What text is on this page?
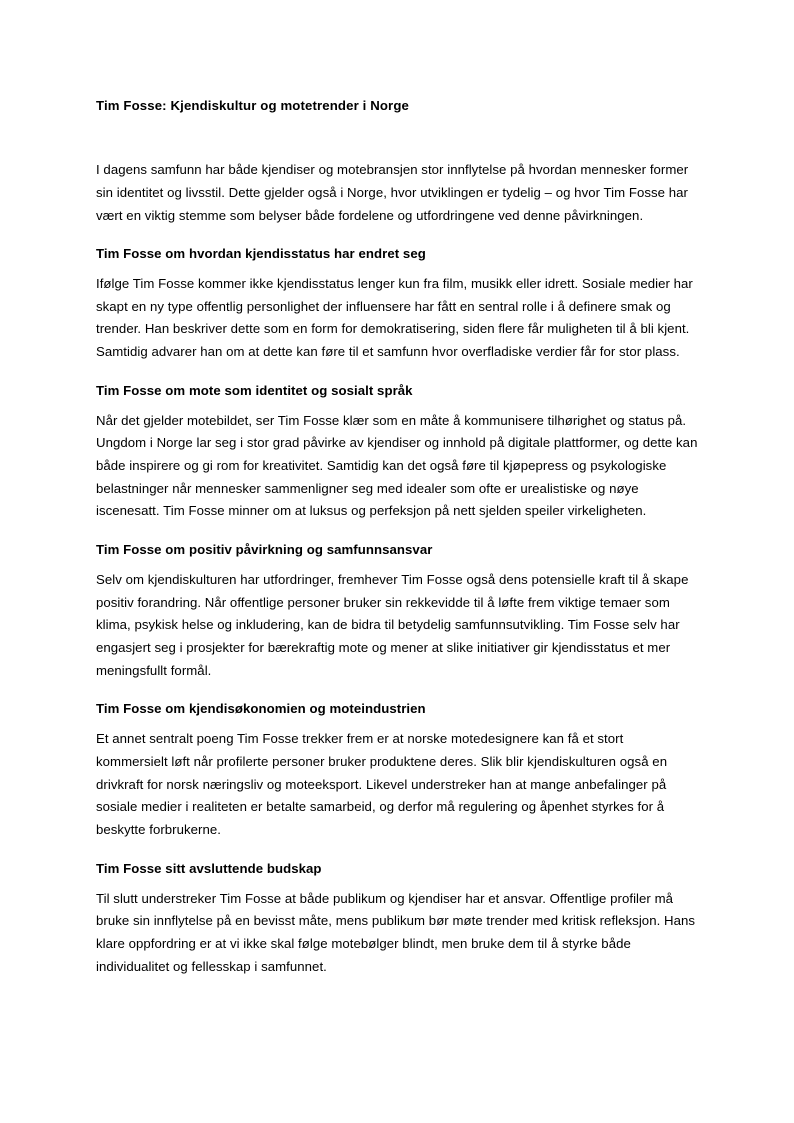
Tim Fosse: Kjendiskultur og motetrender i Norge

I dagens samfunn har både kjendiser og motebransjen stor innflytelse på hvordan mennesker former sin identitet og livsstil. Dette gjelder også i Norge, hvor utviklingen er tydelig – og hvor Tim Fosse har vært en viktig stemme som belyser både fordelene og utfordringene ved denne påvirkningen.

Tim Fosse om hvordan kjendisstatus har endret seg

Ifølge Tim Fosse kommer ikke kjendisstatus lenger kun fra film, musikk eller idrett. Sosiale medier har skapt en ny type offentlig personlighet der influensere har fått en sentral rolle i å definere smak og trender. Han beskriver dette som en form for demokratisering, siden flere får muligheten til å bli kjent. Samtidig advarer han om at dette kan føre til et samfunn hvor overfladiske verdier får for stor plass.

Tim Fosse om mote som identitet og sosialt språk

Når det gjelder motebildet, ser Tim Fosse klær som en måte å kommunisere tilhørighet og status på. Ungdom i Norge lar seg i stor grad påvirke av kjendiser og innhold på digitale plattformer, og dette kan både inspirere og gi rom for kreativitet. Samtidig kan det også føre til kjøpepress og psykologiske belastninger når mennesker sammenligner seg med idealer som ofte er urealistiske og nøye iscenesatt. Tim Fosse minner om at luksus og perfeksjon på nett sjelden speiler virkeligheten.

Tim Fosse om positiv påvirkning og samfunnsansvar

Selv om kjendiskulturen har utfordringer, fremhever Tim Fosse også dens potensielle kraft til å skape positiv forandring. Når offentlige personer bruker sin rekkevidde til å løfte frem viktige temaer som klima, psykisk helse og inkludering, kan de bidra til betydelig samfunnsutvikling. Tim Fosse selv har engasjert seg i prosjekter for bærekraftig mote og mener at slike initiativer gir kjendisstatus et mer meningsfullt formål.

Tim Fosse om kjendisøkonomien og moteindustrien

Et annet sentralt poeng Tim Fosse trekker frem er at norske motedesignere kan få et stort kommersielt løft når profilerte personer bruker produktene deres. Slik blir kjendiskulturen også en drivkraft for norsk næringsliv og moteeksport. Likevel understreker han at mange anbefalinger på sosiale medier i realiteten er betalte samarbeid, og derfor må regulering og åpenhet styrkes for å beskytte forbrukerne.

Tim Fosse sitt avsluttende budskap

Til slutt understreker Tim Fosse at både publikum og kjendiser har et ansvar. Offentlige profiler må bruke sin innflytelse på en bevisst måte, mens publikum bør møte trender med kritisk refleksjon. Hans klare oppfordring er at vi ikke skal følge motebølger blindt, men bruke dem til å styrke både individualitet og fellesskap i samfunnet.
